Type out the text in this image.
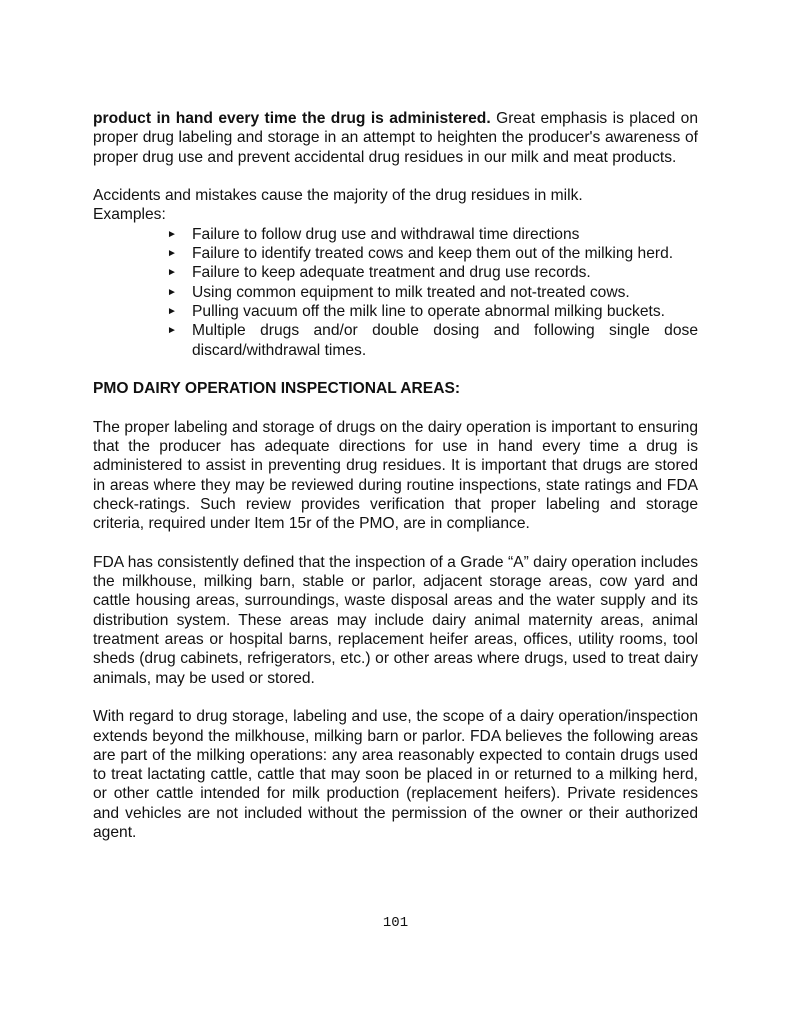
product in hand every time the drug is administered. Great emphasis is placed on proper drug labeling and storage in an attempt to heighten the producer's awareness of proper drug use and prevent accidental drug residues in our milk and meat products.

Accidents and mistakes cause the majority of the drug residues in milk.

Examples:

► Failure to follow drug use and withdrawal time directions
► Failure to identify treated cows and keep them out of the milking herd.
► Failure to keep adequate treatment and drug use records.
► Using common equipment to milk treated and not-treated cows.
► Pulling vacuum off the milk line to operate abnormal milking buckets.
► Multiple drugs and/or double dosing and following single dose discard/withdrawal times.

PMO DAIRY OPERATION INSPECTIONAL AREAS:

The proper labeling and storage of drugs on the dairy operation is important to ensuring that the producer has adequate directions for use in hand every time a drug is administered to assist in preventing drug residues. It is important that drugs are stored in areas where they may be reviewed during routine inspections, state ratings and FDA check-ratings. Such review provides verification that proper labeling and storage criteria, required under Item 15r of the PMO, are in compliance.

FDA has consistently defined that the inspection of a Grade “A” dairy operation includes the milkhouse, milking barn, stable or parlor, adjacent storage areas, cow yard and cattle housing areas, surroundings, waste disposal areas and the water supply and its distribution system. These areas may include dairy animal maternity areas, animal treatment areas or hospital barns, replacement heifer areas, offices, utility rooms, tool sheds (drug cabinets, refrigerators, etc.) or other areas where drugs, used to treat dairy animals, may be used or stored.

With regard to drug storage, labeling and use, the scope of a dairy operation/inspection extends beyond the milkhouse, milking barn or parlor. FDA believes the following areas are part of the milking operations: any area reasonably expected to contain drugs used to treat lactating cattle, cattle that may soon be placed in or returned to a milking herd, or other cattle intended for milk production (replacement heifers). Private residences and vehicles are not included without the permission of the owner or their authorized agent.

101
